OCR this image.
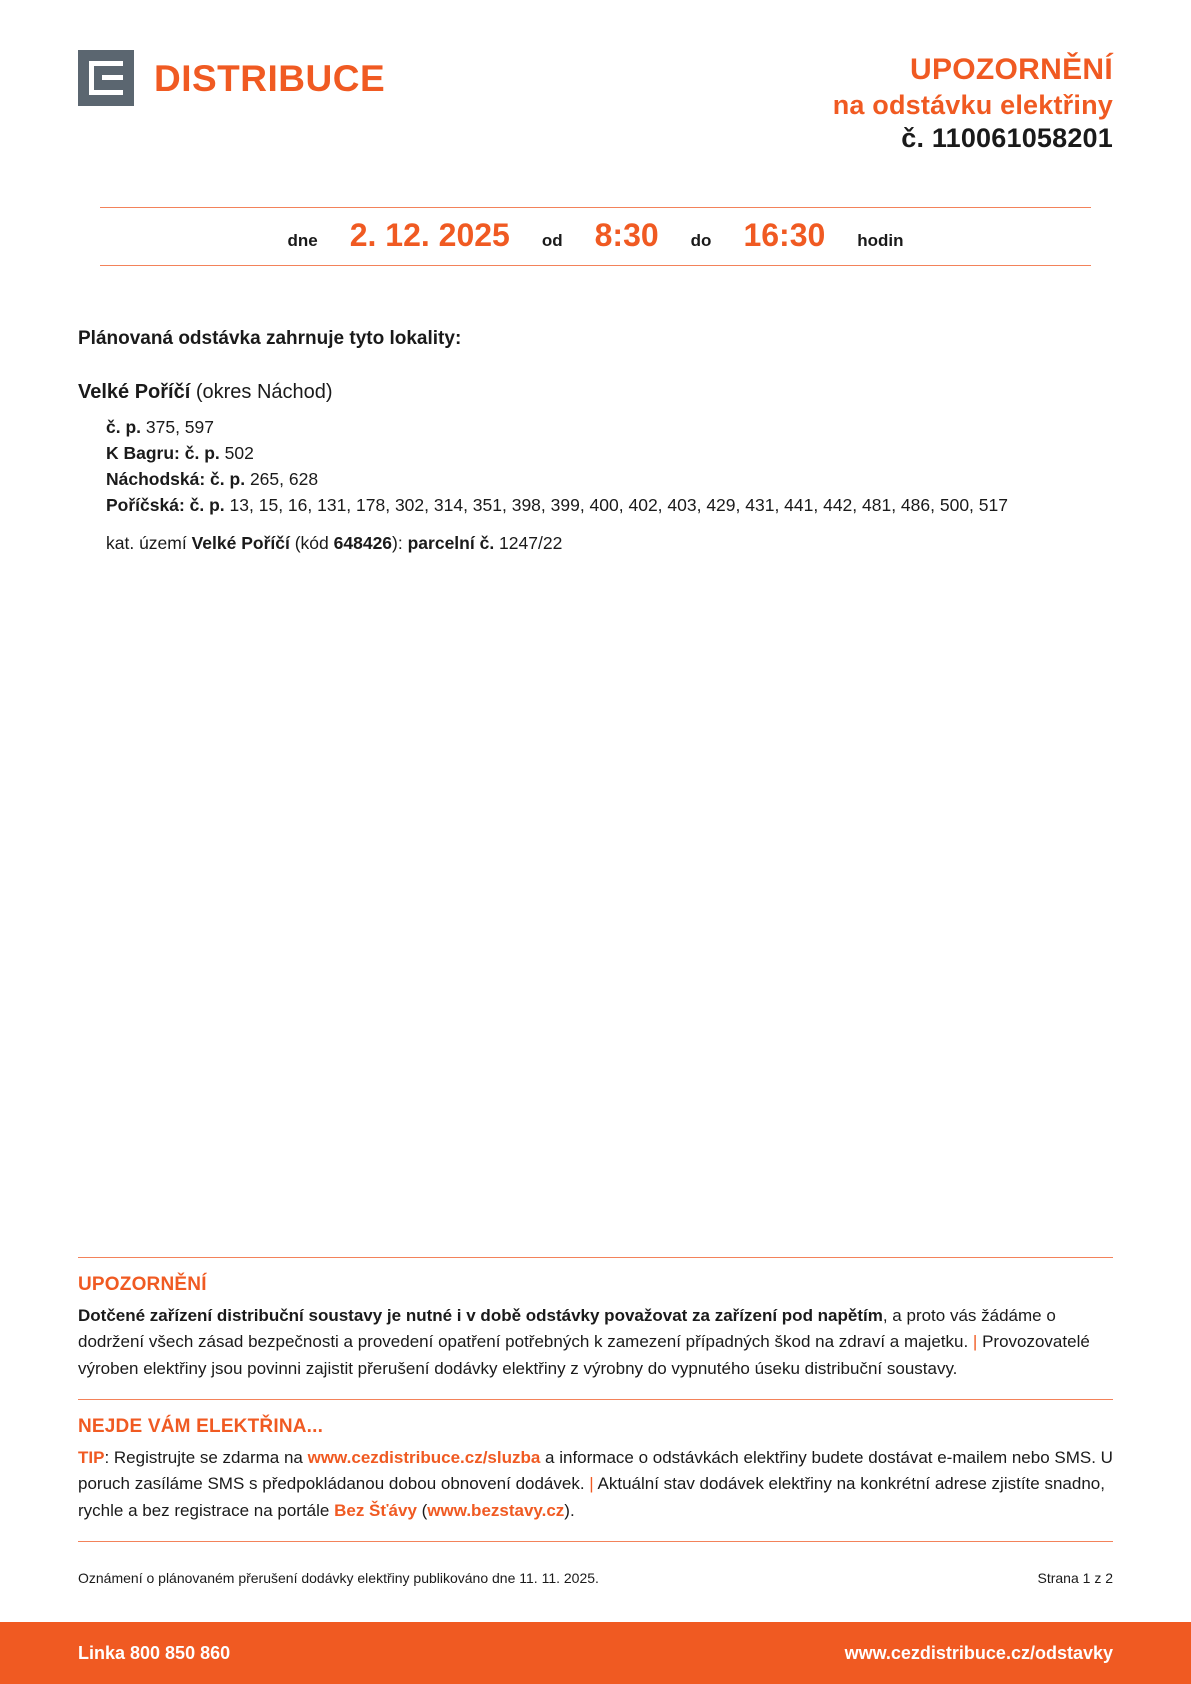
DISTRIBUCE	UPOZORNĚNÍ
na odstávku elektřiny
č. 110061058201
dne	2. 12. 2025	od	8:30	do	16:30	hodin
Plánovaná odstávka zahrnuje tyto lokality:
Velké Poříčí (okres Náchod)
č. p. 375, 597
K Bagru: č. p. 502
Náchodská: č. p. 265, 628
Poříčská: č. p. 13, 15, 16, 131, 178, 302, 314, 351, 398, 399, 400, 402, 403, 429, 431, 441, 442, 481, 486, 500, 517
kat. území Velké Poříčí (kód 648426): parcelní č. 1247/22
UPOZORNĚNÍ
Dotčené zařízení distribuční soustavy je nutné i v době odstávky považovat za zařízení pod napětím, a proto vás žádáme o dodržení všech zásad bezpečnosti a provedení opatření potřebných k zamezení případných škod na zdraví a majetku. | Provozovatelé výroben elektřiny jsou povinni zajistit přerušení dodávky elektřiny z výrobny do vypnutého úseku distribuční soustavy.
NEJDE VÁM ELEKTŘINA...
TIP: Registrujte se zdarma na www.cezdistribuce.cz/sluzba a informace o odstávkách elektřiny budete dostávat e-mailem nebo SMS. U poruch zasíláme SMS s předpokládanou dobou obnovení dodávek. | Aktuální stav dodávek elektřiny na konkrétní adrese zjistíte snadno, rychle a bez registrace na portále Bez Šťávy (www.bezstavy.cz).
Oznámení o plánovaném přerušení dodávky elektřiny publikováno dne 11. 11. 2025.	Strana 1 z 2
Linka 800 850 860	www.cezdistribuce.cz/odstavky
